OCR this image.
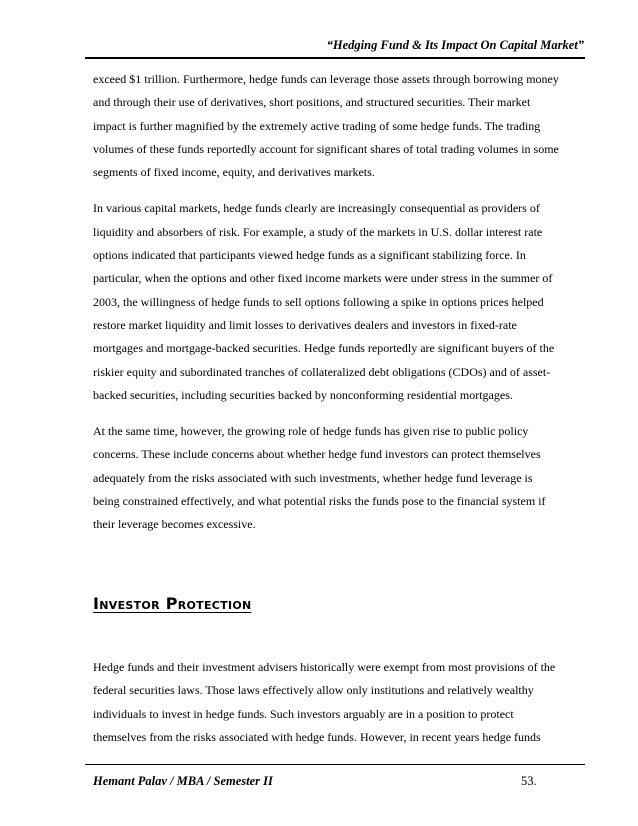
“Hedging Fund & Its Impact On Capital Market”
exceed $1 trillion. Furthermore, hedge funds can leverage those assets through borrowing money
and through their use of derivatives, short positions, and structured securities. Their market
impact is further magnified by the extremely active trading of some hedge funds. The trading
volumes of these funds reportedly account for significant shares of total trading volumes in some
segments of fixed income, equity, and derivatives markets.
In various capital markets, hedge funds clearly are increasingly consequential as providers of
liquidity and absorbers of risk. For example, a study of the markets in U.S. dollar interest rate
options indicated that participants viewed hedge funds as a significant stabilizing force. In
particular, when the options and other fixed income markets were under stress in the summer of
2003, the willingness of hedge funds to sell options following a spike in options prices helped
restore market liquidity and limit losses to derivatives dealers and investors in fixed-rate
mortgages and mortgage-backed securities. Hedge funds reportedly are significant buyers of the
riskier equity and subordinated tranches of collateralized debt obligations (CDOs) and of asset-
backed securities, including securities backed by nonconforming residential mortgages.
At the same time, however, the growing role of hedge funds has given rise to public policy
concerns. These include concerns about whether hedge fund investors can protect themselves
adequately from the risks associated with such investments, whether hedge fund leverage is
being constrained effectively, and what potential risks the funds pose to the financial system if
their leverage becomes excessive.
Investor Protection
Hedge funds and their investment advisers historically were exempt from most provisions of the
federal securities laws. Those laws effectively allow only institutions and relatively wealthy
individuals to invest in hedge funds. Such investors arguably are in a position to protect
themselves from the risks associated with hedge funds. However, in recent years hedge funds
Hemant Palav / MBA / Semester II	53.
